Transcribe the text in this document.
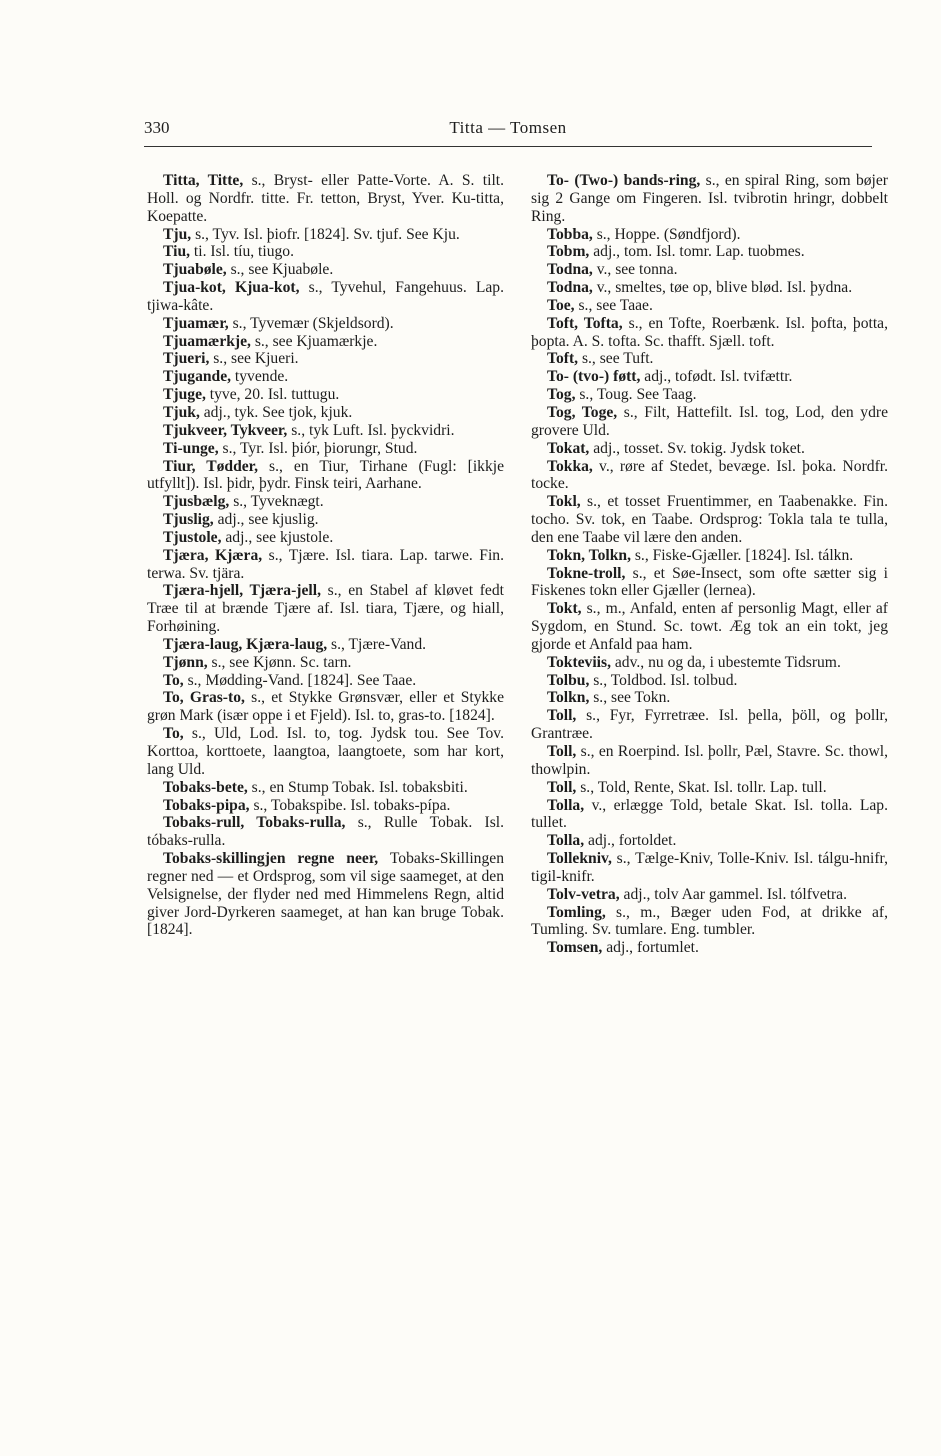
330	Titta — Tomsen

Titta, Titte, s., Bryst- eller Patte-Vorte. A. S. tilt. Holl. og Nordfr. titte. Fr. tetton, Bryst, Yver. Ku-titta, Koepatte.

Tju, s., Tyv. Isl. þiofr. [1824]. Sv. tjuf. See Kju.

Tiu, ti. Isl. tíu, tiugo.

Tjuabøle, s., see Kjuabøle.

Tjua-kot, Kjua-kot, s., Tyvehul, Fangehuus. Lap. tjiwa-kâte.

Tjuamær, s., Tyvemær (Skjeldsord).

Tjuamærkje, s., see Kjuamærkje.

Tjueri, s., see Kjueri.

Tjugande, tyvende.

Tjuge, tyve, 20. Isl. tuttugu.

Tjuk, adj., tyk. See tjok, kjuk.

Tjukveer, Tykveer, s., tyk Luft. Isl. þyckvidri.

Ti-unge, s., Tyr. Isl. þiór, þiorungr, Stud.

Tiur, Tødder, s., en Tiur, Tirhane (Fugl: [ikkje utfyllt]). Isl. þidr, þydr. Finsk teiri, Aarhane.

Tjusbælg, s., Tyveknægt.

Tjuslig, adj., see kjuslig.

Tjustole, adj., see kjustole.

Tjæra, Kjæra, s., Tjære. Isl. tiara. Lap. tarwe. Fin. terwa. Sv. tjära.

Tjæra-hjell, Tjæra-jell, s., en Stabel af kløvet fedt Træe til at brænde Tjære af. Isl. tiara, Tjære, og hiall, Forhøining.

Tjæra-laug, Kjæra-laug, s., Tjære-Vand.

Tjønn, s., see Kjønn. Sc. tarn.

To, s., Mødding-Vand. [1824]. See Taae.

To, Gras-to, s., et Stykke Grønsvær, eller et Stykke grøn Mark (især oppe i et Fjeld). Isl. to, gras-to. [1824].

To, s., Uld, Lod. Isl. to, tog. Jydsk tou. See Tov. Korttoa, korttoete, laangtoa, laangtoete, som har kort, lang Uld.

Tobaks-bete, s., en Stump Tobak. Isl. tobaksbiti.

Tobaks-pipa, s., Tobakspibe. Isl. tobaks-pípa.

Tobaks-rull, Tobaks-rulla, s., Rulle Tobak. Isl. tóbaks-rulla.

Tobaks-skillingjen regne neer, Tobaks-Skillingen regner ned — et Ordsprog, som vil sige saameget, at den Velsignelse, der flyder ned med Himmelens Regn, altid giver Jord-Dyrkeren saameget, at han kan bruge Tobak. [1824].

To- (Two-) bands-ring, s., en spiral Ring, som bøjer sig 2 Gange om Fingeren. Isl. tvibrotin hringr, dobbelt Ring.

Tobba, s., Hoppe. (Søndfjord).

Tobm, adj., tom. Isl. tomr. Lap. tuobmes.

Todna, v., see tonna.

Todna, v., smeltes, tøe op, blive blød. Isl. þydna.

Toe, s., see Taae.

Toft, Tofta, s., en Tofte, Roerbænk. Isl. þofta, þotta, þopta. A. S. tofta. Sc. thafft. Sjæll. toft.

Toft, s., see Tuft.

To- (tvo-) føtt, adj., tofødt. Isl. tvifættr.

Tog, s., Toug. See Taag.

Tog, Toge, s., Filt, Hattefilt. Isl. tog, Lod, den ydre grovere Uld.

Tokat, adj., tosset. Sv. tokig. Jydsk toket.

Tokka, v., røre af Stedet, bevæge. Isl. þoka. Nordfr. tocke.

Tokl, s., et tosset Fruentimmer, en Taabenakke. Fin. tocho. Sv. tok, en Taabe. Ordsprog: Tokla tala te tulla, den ene Taabe vil lære den anden.

Tokn, Tolkn, s., Fiske-Gjæller. [1824]. Isl. tálkn.

Tokne-troll, s., et Søe-Insect, som ofte sætter sig i Fiskenes tokn eller Gjæller (lernea).

Tokt, s., m., Anfald, enten af personlig Magt, eller af Sygdom, en Stund. Sc. towt. Æg tok an ein tokt, jeg gjorde et Anfald paa ham.

Tokteviis, adv., nu og da, i ubestemte Tidsrum.

Tolbu, s., Toldbod. Isl. tolbud.

Tolkn, s., see Tokn.

Toll, s., Fyr, Fyrretræe. Isl. þella, þöll, og þollr, Grantræe.

Toll, s., en Roerpind. Isl. þollr, Pæl, Stavre. Sc. thowl, thowlpin.

Toll, s., Told, Rente, Skat. Isl. tollr. Lap. tull.

Tolla, v., erlægge Told, betale Skat. Isl. tolla. Lap. tullet.

Tolla, adj., fortoldet.

Tollekniv, s., Tælge-Kniv, Tolle-Kniv. Isl. tálgu-hnifr, tigil-knifr.

Tolv-vetra, adj., tolv Aar gammel. Isl. tólfvetra.

Tomling, s., m., Bæger uden Fod, at drikke af, Tumling. Sv. tumlare. Eng. tumbler.

Tomsen, adj., fortumlet.
